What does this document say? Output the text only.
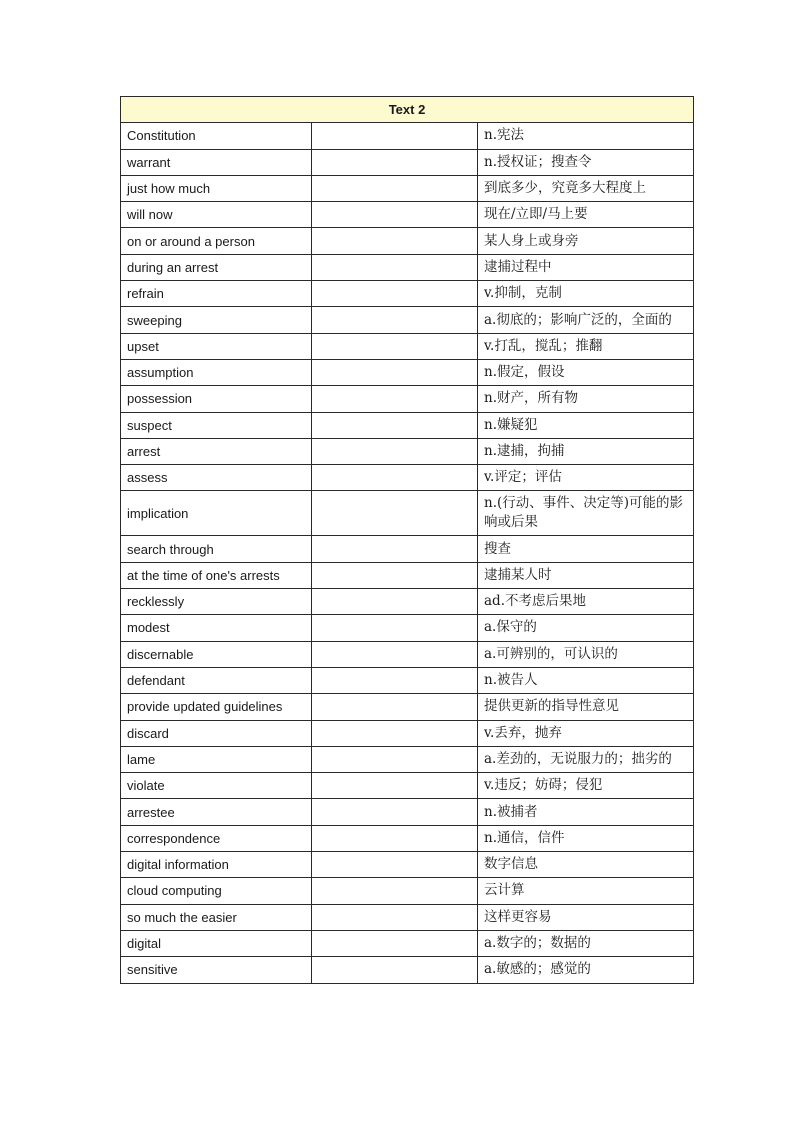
Text 2		
Constitution		n.宪法
warrant		n.授权证；搜查令
just how much		到底多少，究竟多大程度上
will now		现在/立即/马上要
on or around a person		某人身上或身旁
during an arrest		逮捕过程中
refrain		v.抑制，克制
sweeping		a.彻底的；影响广泛的，全面的
upset		v.打乱，搅乱；推翻
assumption		n.假定，假设
possession		n.财产，所有物
suspect		n.嫌疑犯
arrest		n.逮捕，拘捕
assess		v.评定；评估
implication		n.(行动、事件、决定等)可能的影响或后果
search through		搜查
at the time of one's arrests		逮捕某人时
recklessly		ad.不考虑后果地
modest		a.保守的
discernable		a.可辨别的，可认识的
defendant		n.被告人
provide updated guidelines		提供更新的指导性意见
discard		v.丢弃，抛弃
lame		a.差劲的，无说服力的；拙劣的
violate		v.违反；妨碍；侵犯
arrestee		n.被捕者
correspondence		n.通信，信件
digital information		数字信息
cloud computing		云计算
so much the easier		这样更容易
digital		a.数字的；数据的
sensitive		a.敏感的；感觉的
